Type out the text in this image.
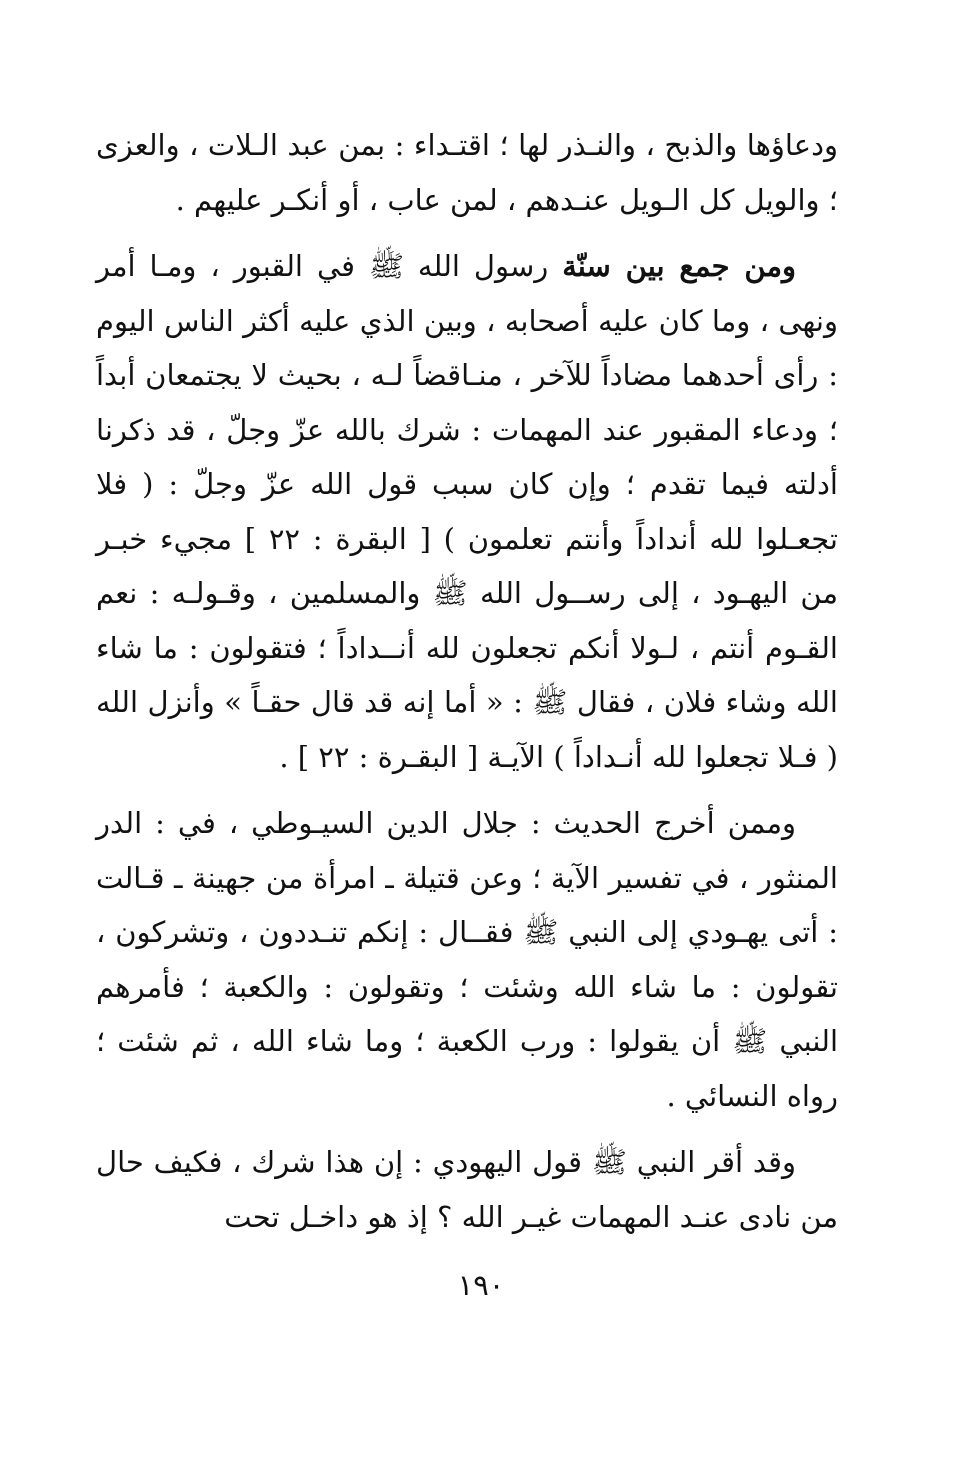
ودعاؤها والذبح ، والنـذر لها ؛ اقتـداء : بمن عبد الـلات ، والعزى ؛ والويل كل الـويل عنـدهم ، لمن عاب ، أو أنكـر عليهم .

ومن جمع بين سنّة رسول الله ﷺ في القبور ، ومـا أمر ونهى ، وما كان عليه أصحابه ، وبين الذي عليه أكثر الناس اليوم : رأى أحدهما مضاداً للآخر ، منـاقضاً لـه ، بحيث لا يجتمعان أبداً ؛ ودعاء المقبور عند المهمات : شرك بالله عزّ وجلّ ، قد ذكرنا أدلته فيما تقدم ؛ وإن كان سبب قول الله عزّ وجلّ : ( فلا تجعـلوا لله أنداداً وأنتم تعلمون ) [ البقرة : ٢٢ ] مجيء خبـر من اليهـود ، إلى رســول الله ﷺ والمسلمين ، وقـولـه : نعم القـوم أنتم ، لـولا أنكم تجعلون لله أنــداداً ؛ فتقولون : ما شاء الله وشاء فلان ، فقال ﷺ : « أما إنه قد قال حقـاً » وأنزل الله ( فـلا تجعلوا لله أنـداداً ) الآيـة [ البقـرة : ٢٢ ] .

وممن أخرج الحديث : جلال الدين السيـوطي ، في : الدر المنثور ، في تفسير الآية ؛ وعن قتيلة ـ امرأة من جهينة ـ قـالت : أتى يهـودي إلى النبي ﷺ فقــال : إنكم تنـددون ، وتشركون ، تقولون : ما شاء الله وشئت ؛ وتقولون : والكعبة ؛ فأمرهم النبي ﷺ أن يقولوا : ورب الكعبة ؛ وما شاء الله ، ثم شئت ؛ رواه النسائي .

وقد أقر النبي ﷺ قول اليهودي : إن هذا شرك ، فكيف حال من نادى عنـد المهمات غيـر الله ؟ إذ هو داخـل تحت

١٩٠
